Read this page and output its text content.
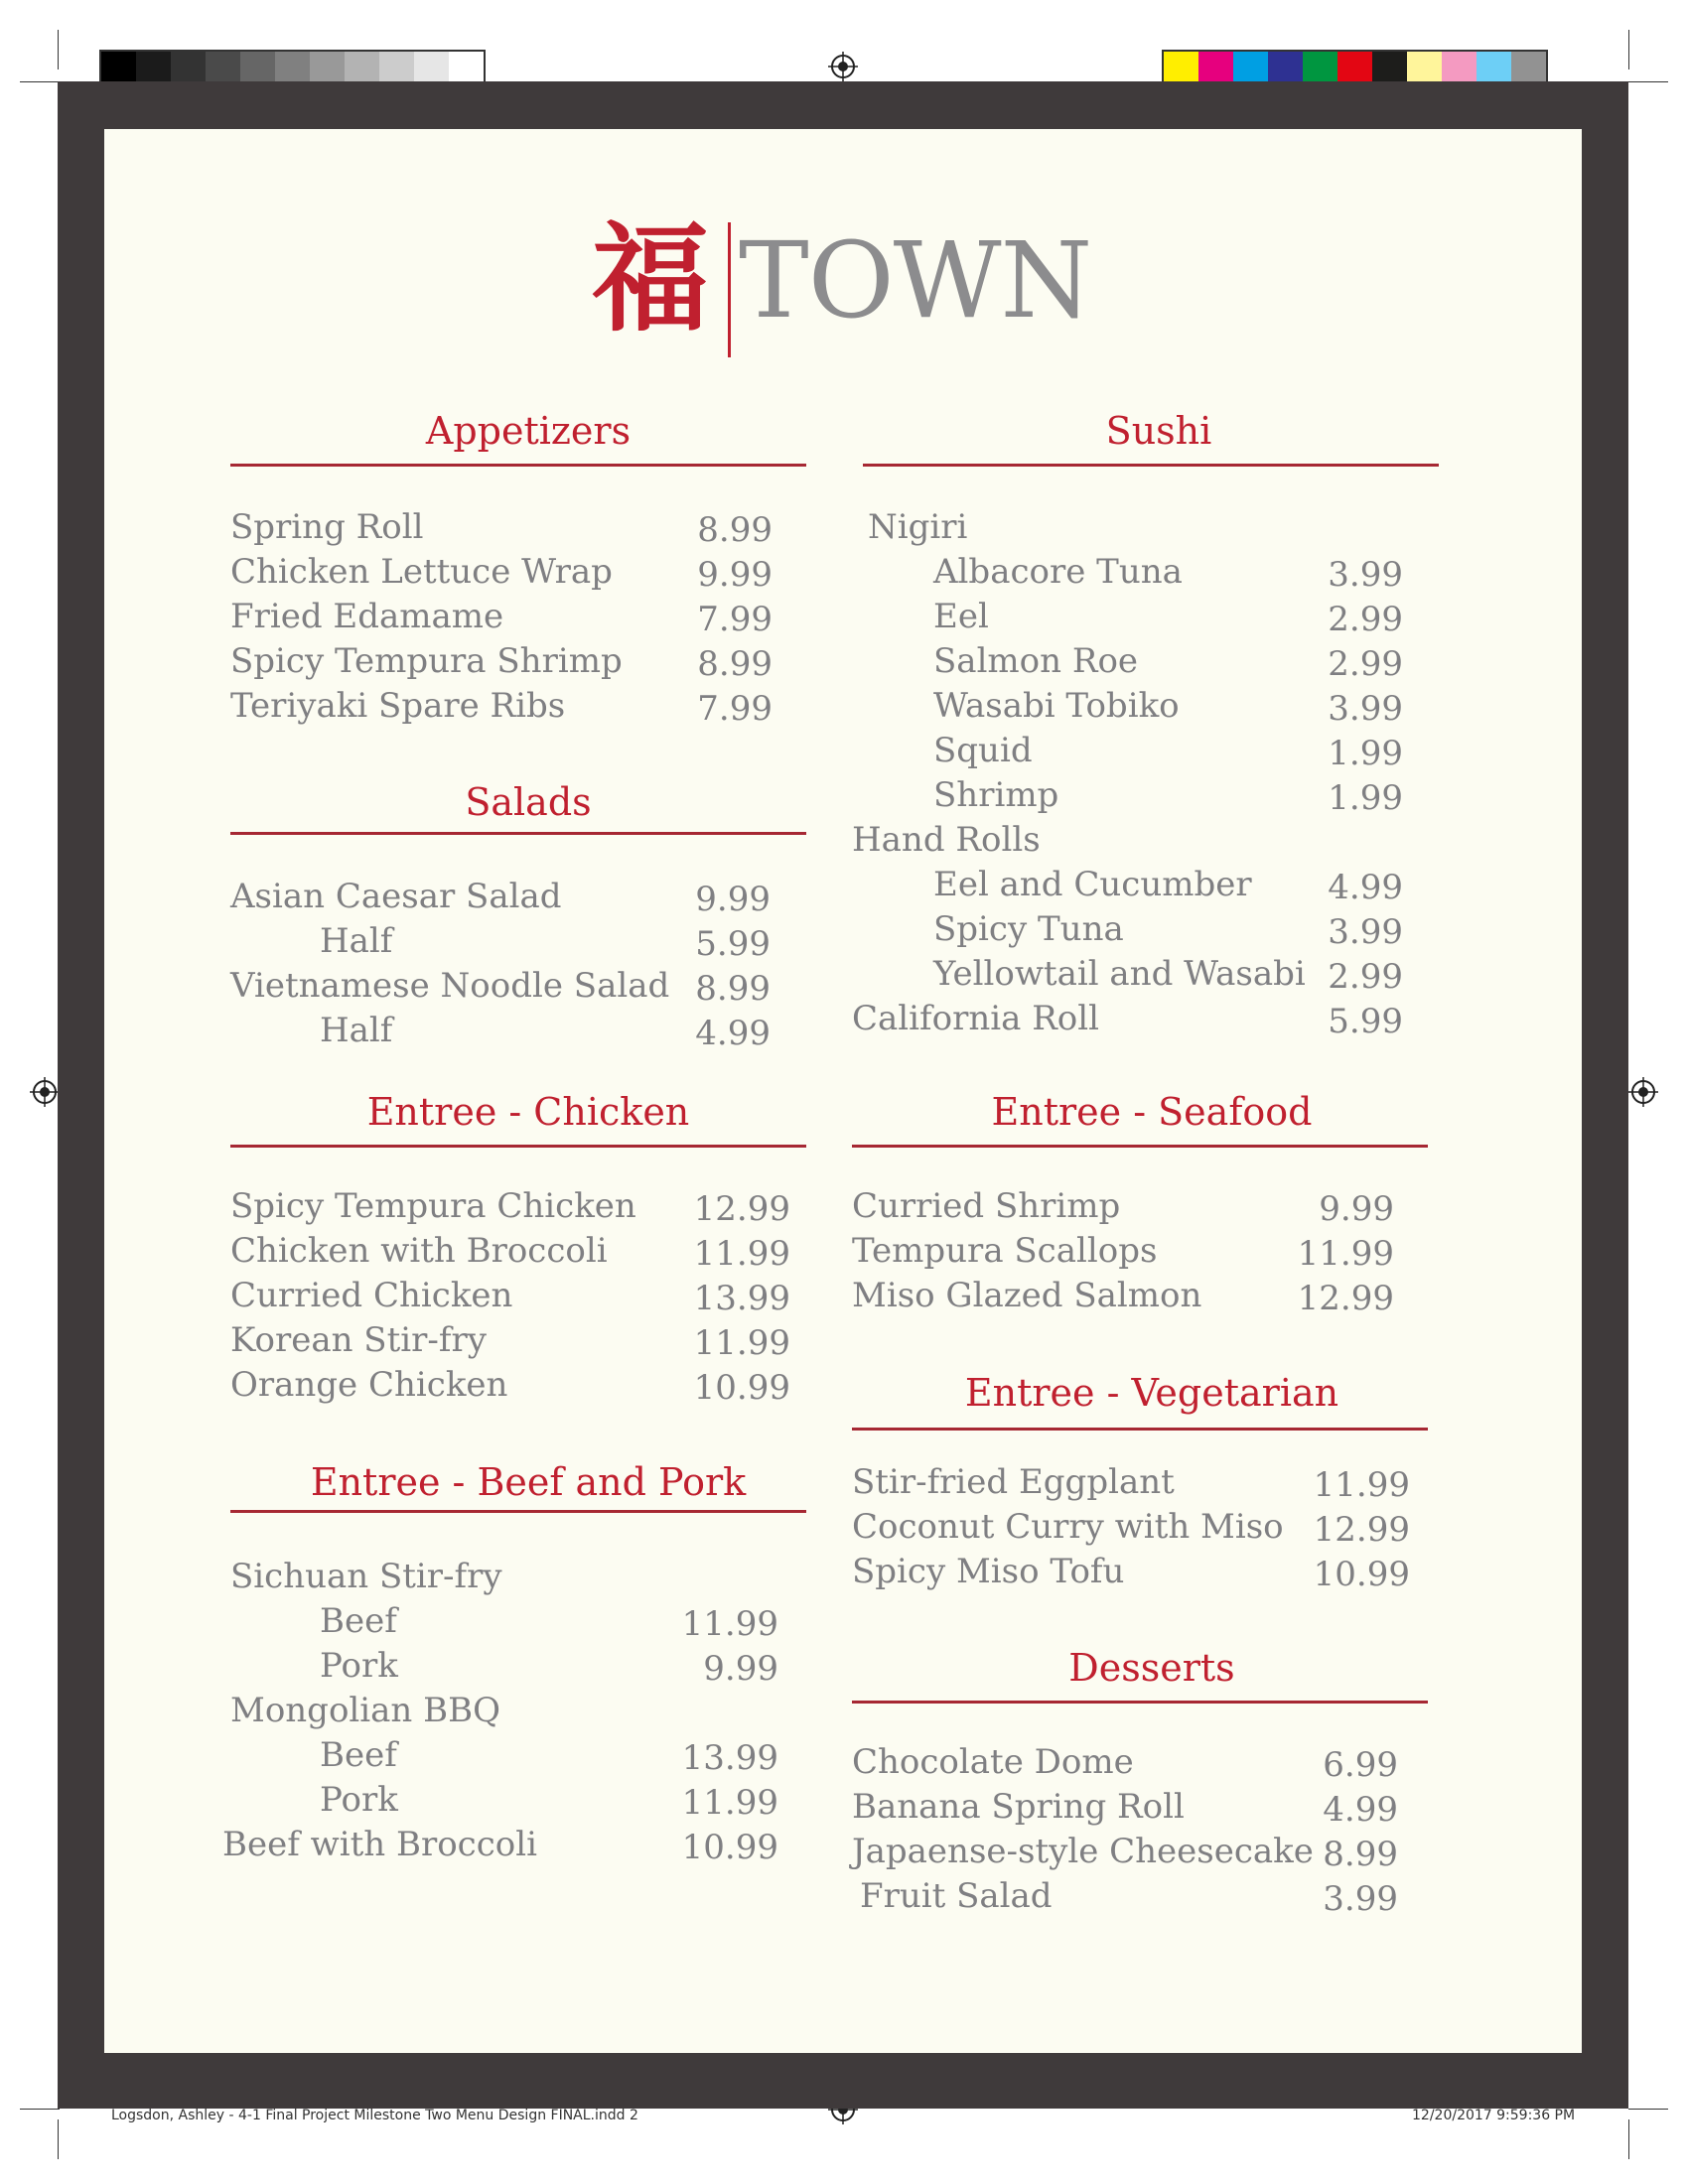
福 TOWN
Appetizers
Spring Roll	8.99
Chicken Lettuce Wrap	9.99
Fried Edamame	7.99
Spicy Tempura Shrimp 8.99
Teriyaki Spare Ribs	7.99
Salads
Asian Caesar Salad	9.99
Half	5.99
Vietnamese Noodle Salad 8.99
Half	4.99
Entree - Chicken
Spicy Tempura Chicken 12.99
Chicken with Broccoli	11.99
Curried Chicken	13.99
Korean Stir-fry	11.99
Orange Chicken	10.99
Entree - Beef and Pork
Sichuan Stir-fry
Beef	11.99
Pork	9.99
Mongolian BBQ
Beef	13.99
Pork	11.99
Beef with Broccoli	10.99
Sushi
Nigiri
Albacore Tuna	3.99
Eel	2.99
Salmon Roe	2.99
Wasabi Tobiko	3.99
Squid	1.99
Shrimp	1.99
Hand Rolls
Eel and Cucumber 4.99
Spicy Tuna	3.99
Yellowtail and Wasabi 2.99
California Roll	5.99
Entree - Seafood
Curried Shrimp	9.99
Tempura Scallops	11.99
Miso Glazed Salmon	12.99
Entree - Vegetarian
Stir-fried Eggplant	11.99
Coconut Curry with Miso 12.99
Spicy Miso Tofu	10.99
Desserts
Chocolate Dome	6.99
Banana Spring Roll	4.99
Japaense-style Cheesecake 8.99
Fruit Salad	3.99
Logsdon, Ashley - 4-1 Final Project Milestone Two Menu Design FINAL.indd 2	12/20/2017 9:59:36 PM
